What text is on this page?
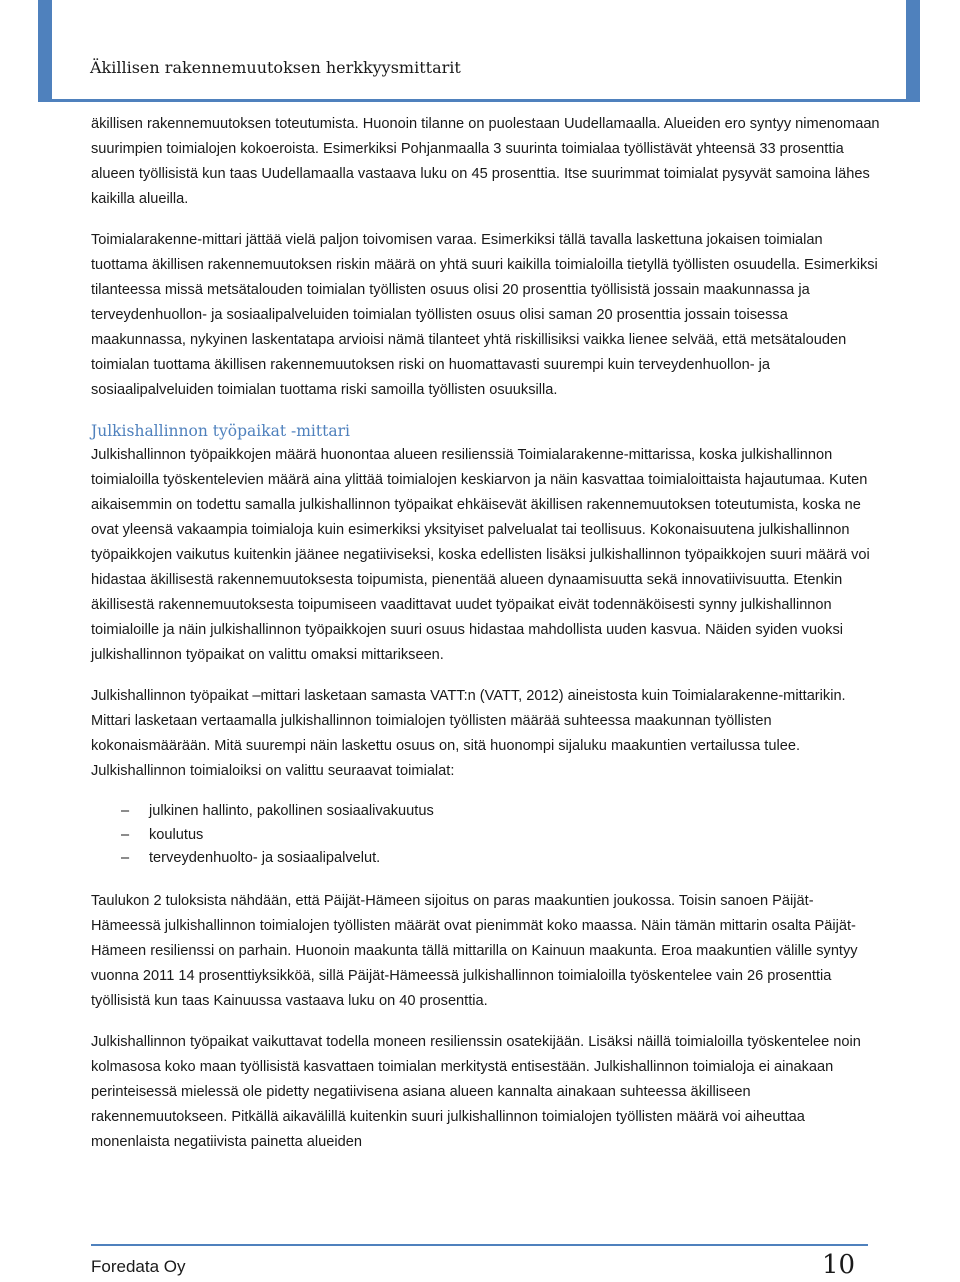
Äkillisen rakennemuutoksen herkkyysmittarit

äkillisen rakennemuutoksen toteutumista. Huonoin tilanne on puolestaan Uudellamaalla. Alueiden ero syntyy nimenomaan suurimpien toimialojen kokoeroista. Esimerkiksi Pohjanmaalla 3 suurinta toimialaa työllistävät yhteensä 33 prosenttia alueen työllisistä kun taas Uudellamaalla vastaava luku on 45 prosenttia. Itse suurimmat toimialat pysyvät samoina lähes kaikilla alueilla.

Toimialarakenne-mittari jättää vielä paljon toivomisen varaa. Esimerkiksi tällä tavalla laskettuna jokaisen toimialan tuottama äkillisen rakennemuutoksen riskin määrä on yhtä suuri kaikilla toimialoilla tietyllä työllisten osuudella. Esimerkiksi tilanteessa missä metsätalouden toimialan työllisten osuus olisi 20 prosenttia työllisistä jossain maakunnassa ja terveydenhuollon- ja sosiaalipalveluiden toimialan työllisten osuus olisi saman 20 prosenttia jossain toisessa maakunnassa, nykyinen laskentatapa arvioisi nämä tilanteet yhtä riskillisiksi vaikka lienee selvää, että metsätalouden toimialan tuottama äkillisen rakennemuutoksen riski on huomattavasti suurempi kuin terveydenhuollon- ja sosiaalipalveluiden toimialan tuottama riski samoilla työllisten osuuksilla.

Julkishallinnon työpaikat -mittari

Julkishallinnon työpaikkojen määrä huonontaa alueen resilienssiä Toimialarakenne-mittarissa, koska julkishallinnon toimialoilla työskentelevien määrä aina ylittää toimialojen keskiarvon ja näin kasvattaa toimialoittaista hajautumaa. Kuten aikaisemmin on todettu samalla julkishallinnon työpaikat ehkäisevät äkillisen rakennemuutoksen toteutumista, koska ne ovat yleensä vakaampia toimialoja kuin esimerkiksi yksityiset palvelualat tai teollisuus. Kokonaisuutena julkishallinnon työpaikkojen vaikutus kuitenkin jäänee negatiiviseksi, koska edellisten lisäksi julkishallinnon työpaikkojen suuri määrä voi hidastaa äkillisestä rakennemuutoksesta toipumista, pienentää alueen dynaamisuutta sekä innovatiivisuutta. Etenkin äkillisestä rakennemuutoksesta toipumiseen vaadittavat uudet työpaikat eivät todennäköisesti synny julkishallinnon toimialoille ja näin julkishallinnon työpaikkojen suuri osuus hidastaa mahdollista uuden kasvua. Näiden syiden vuoksi julkishallinnon työpaikat on valittu omaksi mittarikseen.

Julkishallinnon työpaikat –mittari lasketaan samasta VATT:n (VATT, 2012) aineistosta kuin Toimialarakenne-mittarikin. Mittari lasketaan vertaamalla julkishallinnon toimialojen työllisten määrää suhteessa maakunnan työllisten kokonaismäärään. Mitä suurempi näin laskettu osuus on, sitä huonompi sijaluku maakuntien vertailussa tulee. Julkishallinnon toimialoiksi on valittu seuraavat toimialat:

– julkinen hallinto, pakollinen sosiaalivakuutus
– koulutus
– terveydenhuolto- ja sosiaalipalvelut.

Taulukon 2 tuloksista nähdään, että Päijät-Hämeen sijoitus on paras maakuntien joukossa. Toisin sanoen Päijät-Hämeessä julkishallinnon toimialojen työllisten määrät ovat pienimmät koko maassa. Näin tämän mittarin osalta Päijät-Hämeen resilienssi on parhain. Huonoin maakunta tällä mittarilla on Kainuun maakunta. Eroa maakuntien välille syntyy vuonna 2011 14 prosenttiyksikköä, sillä Päijät-Hämeessä julkishallinnon toimialoilla työskentelee vain 26 prosenttia työllisistä kun taas Kainuussa vastaava luku on 40 prosenttia.

Julkishallinnon työpaikat vaikuttavat todella moneen resilienssin osatekijään. Lisäksi näillä toimialoilla työskentelee noin kolmasosa koko maan työllisistä kasvattaen toimialan merkitystä entisestään. Julkishallinnon toimialoja ei ainakaan perinteisessä mielessä ole pidetty negatiivisena asiana alueen kannalta ainakaan suhteessa äkilliseen rakennemuutokseen. Pitkällä aikavälillä kuitenkin suuri julkishallinnon toimialojen työllisten määrä voi aiheuttaa monenlaista negatiivista painetta alueiden

Foredata Oy	10
